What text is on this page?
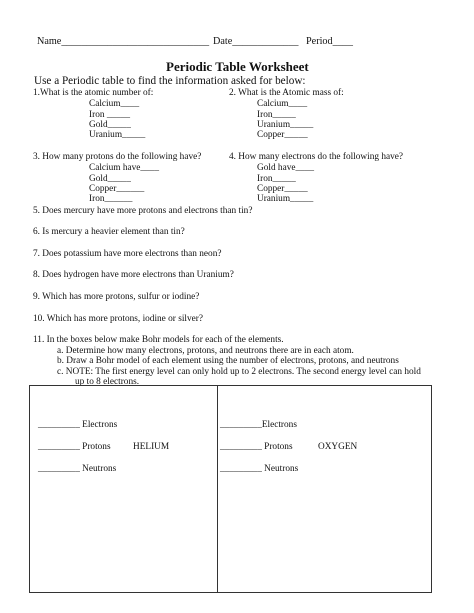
Name_____________________________ Date_____________ Period____
Periodic Table Worksheet
Use a Periodic table to find the information asked for below:
1.What is the atomic number of:
Calcium____
Iron _____
Gold_____
Uranium_____
2. What is the Atomic mass of:
Calcium____
Iron_____
Uranium_____
Copper_____
3. How many protons do the following have?
Calcium have____
Gold_____
Copper______
Iron______
4. How many electrons do the following have?
Gold have____
Iron_____
Copper_____
Uranium_____
5. Does mercury have more protons and electrons than tin?
6. Is mercury a heavier element than tin?
7. Does potassium have more electrons than neon?
8. Does hydrogen have more electrons than Uranium?
9. Which has more protons, sulfur or iodine?
10. Which has more protons, iodine or silver?
11. In the boxes below make Bohr models for each of the elements.
a. Determine how many electrons, protons, and neutrons there are in each atom.
b. Draw a Bohr model of each element using the number of electrons, protons, and neutrons
c. NOTE: The first energy level can only hold up to 2 electrons. The second energy level can hold
up to 8 electrons.
_________ Electrons
_________ Protons HELIUM
_________ Neutrons
_________Electrons
_________ Protons	OXYGEN
_________ Neutrons
